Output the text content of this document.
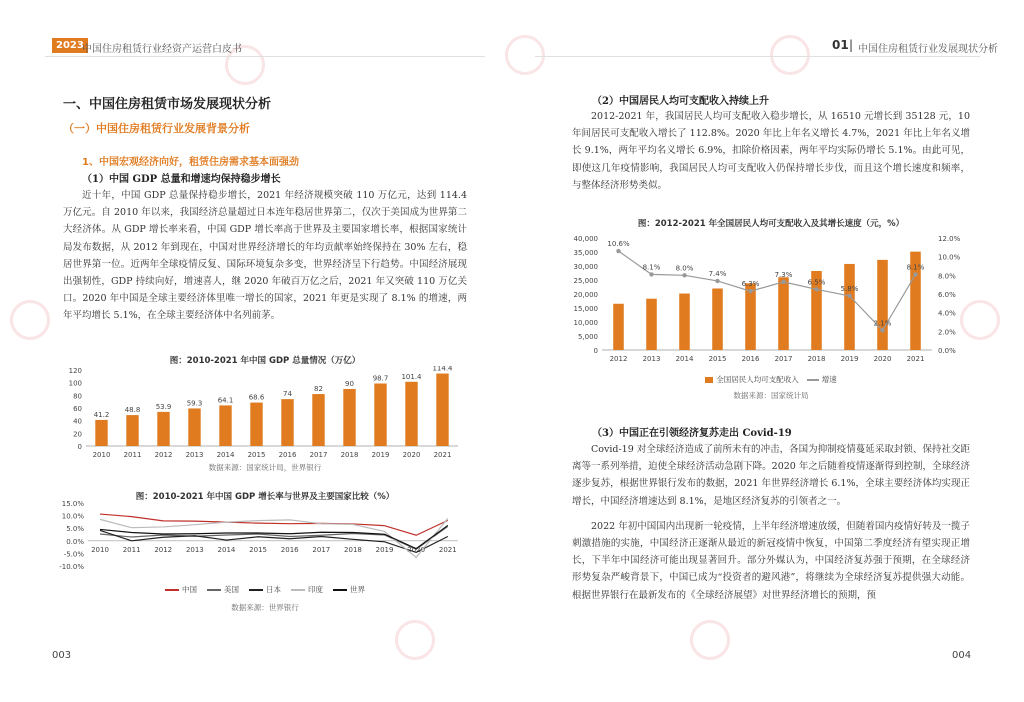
2023
中国住房租赁行业经资产运营白皮书	01 | 中国住房租赁行业发展现状分析
一、中国住房租赁市场发展现状分析
（一）中国住房租赁行业发展背景分析
1、中国宏观经济向好，租赁住房需求基本面强劲
（1）中国 GDP 总量和增速均保持稳步增长

近十年，中国 GDP 总量保持稳步增长，2021 年经济规模突破 110 万亿元，达到 114.4 万亿元。自 2010 年以来，我国经济总量超过日本连年稳居世界第二，仅次于美国成为世界第二大经济体。从 GDP 增长率来看，中国 GDP 增长率高于世界及主要国家增长率，根据国家统计局发布数据，从 2012 年到现在，中国对世界经济增长的年均贡献率始终保持在 30% 左右，稳居世界第一位。近两年全球疫情反复、国际环境复杂多变，世界经济呈下行趋势。中国经济展现出强韧性，GDP 持续向好，增速喜人，继 2020 年破百万亿之后，2021 年又突破 110 万亿关口。2020 年中国是全球主要经济体里唯一增长的国家，2021 年更是实现了 8.1% 的增速，两年平均增长 5.1%，在全球主要经济体中名列前茅。

图：2010-2021 年中国 GDP 总量情况（万亿）
0
20
40
60
80
100
120
41.2
2010
48.8
2011
53.9
2012
59.3
2013
64.1
2014
68.6
2015
74
2016
82
2017
90
2018
98.7
2019
101.4
2020
114.4
2021
数据来源：国家统计局，世界银行
图：2010-2021 年中国 GDP 增长率与世界及主要国家比较（%）
15.0%
10.0%
5.0%
0.0%
-5.0%
-10.0%
2010 2011 2012 2013 2014 2015 2016 2017 2018 2019 2020 2021
中国	美国	日本	印度	世界
数据来源：世界银行
003
（2）中国居民人均可支配收入持续上升

2012-2021 年，我国居民人均可支配收入稳步增长，从 16510 元增长到 35128 元，10 年间居民可支配收入增长了 112.8%。2020 年比上年名义增长 4.7%，2021 年比上年名义增长 9.1%，两年平均名义增长 6.9%，扣除价格因素，两年平均实际仍增长 5.1%。由此可见，即使这几年疫情影响，我国居民人均可支配收入仍保持增长步伐，而且这个增长速度和频率，与整体经济形势类似。

图：2012-2021 年全国居民人均可支配收入及其增长速度（元，%）
0
5,000
10,000
15,000
20,000
25,000
30,000
35,000
40,000
0.0%
2.0%
4.0%
6.0%
8.0%
10.0%
12.0%
2012 2013 2014 2015 2016 2017 2018 2019 2020 2021
10.6%
8.1% 8.0%
7.4%
6.3%
7.3%
6.5%
5.8%
2.1%
8.1%
全国居民人均可支配收入	增速
数据来源：国家统计局
（3）中国正在引领经济复苏走出 Covid-19

Covid-19 对全球经济造成了前所未有的冲击，各国为抑制疫情蔓延采取封锁、保持社交距离等一系列举措，迫使全球经济活动急剧下降。2020 年之后随着疫情逐渐得到控制，全球经济逐步复苏，根据世界银行发布的数据，2021 年世界经济增长 6.1%，全球主要经济体均实现正增长，中国经济增速达到 8.1%，是地区经济复苏的引领者之一。

2022 年初中国国内出现新一轮疫情，上半年经济增速放缓，但随着国内疫情好转及一揽子刺激措施的实施，中国经济正逐渐从最近的新冠疫情中恢复，中国第二季度经济有望实现正增长，下半年中国经济可能出现显著回升。部分外媒认为，中国经济复苏强于预期，在全球经济形势复杂严峻背景下，中国已成为“投资者的避风港”，将继续为全球经济复苏提供强大动能。根据世界银行在最新发布的《全球经济展望》对世界经济增长的预期，预

004
